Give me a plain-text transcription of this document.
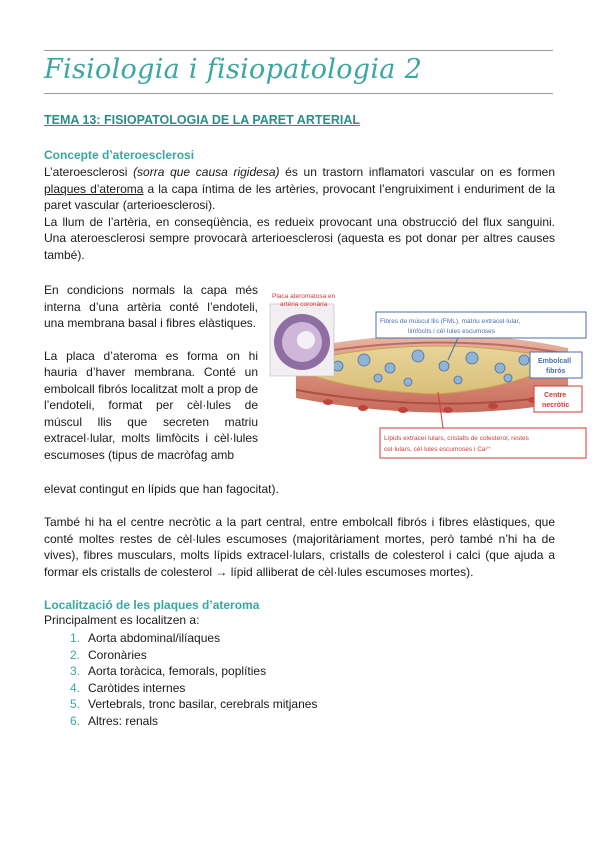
Fisiologia i fisiopatologia 2
TEMA 13: FISIOPATOLOGIA DE LA PARET ARTERIAL
Concepte d’ateroesclerosi

L’ateroesclerosi (sorra que causa rigidesa) és un trastorn inflamatori vascular on es formen plaques d’ateroma a la capa íntima de les artèries, provocant l’engruiximent i enduriment de la paret vascular (arterioesclerosi).

La llum de l’artèria, en conseqüència, es redueix provocant una obstrucció del flux sanguini. Una ateroesclerosi sempre provocarà arterioesclerosi (aquesta es pot donar per altres causes també).

En condicions normals la capa més interna d’una artèria conté l’endoteli, una membrana basal i fibres elàstiques.

La placa d’ateroma es forma on hi hauria d’haver membrana. Conté un embolcall fibrós localitzat molt a prop de l’endoteli, format per cèl·lules de múscul llis que secreten matriu extracel·lular, molts limfòcits i cèl·lules escumoses (tipus de macròfag amb

elevat contingut en lípids que han fagocitat).
Placa ateromatosa en
artèria coronària
Fibres de múscul llis (FML), matriu extracel·lular,
limfòcits i cèl·lules escumoses
Embolcall
fibrós
Centre
necròtic
Lípids extracel·lulars, cristalls de colesterol, restes
cel·lulars, cèl·lules escumoses i Ca²⁺
També hi ha el centre necròtic a la part central, entre embolcall fibrós i fibres elàstiques, que conté moltes restes de cèl·lules escumoses (majoritàriament mortes, però també n’hi ha de vives), fibres musculars, molts lípids extracel·lulars, cristalls de colesterol i calci (que ajuda a formar els cristalls de colesterol → lípid alliberat de cèl·lules escumoses mortes).
Localització de les plaques d’ateroma
Principalment es localitzen a:
1. Aorta abdominal/ilíaques
2. Coronàries
3. Aorta toràcica, femorals, poplíties
4. Caròtides internes
5. Vertebrals, tronc basilar, cerebrals mitjanes
6. Altres: renals
